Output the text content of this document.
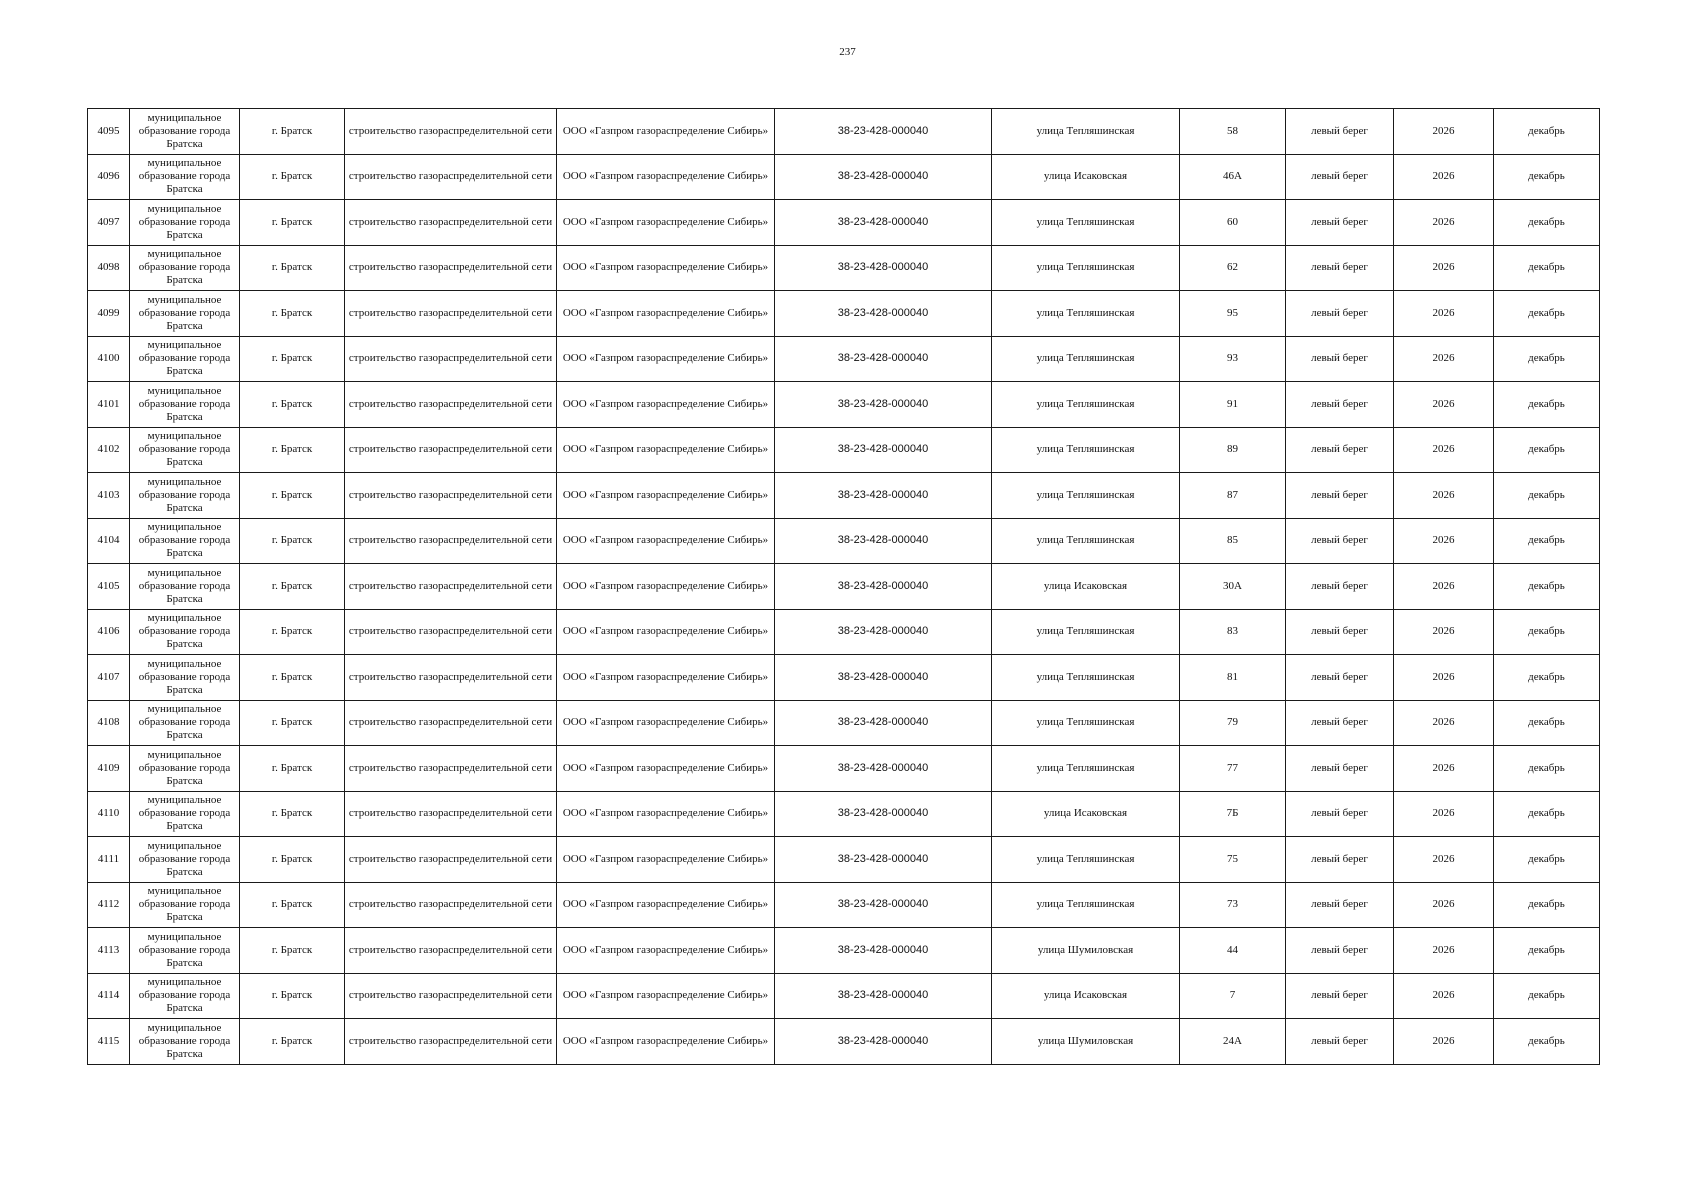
237
4095	муниципальное образование города Братска	г. Братск	строительство газораспределительной сети	ООО «Газпром газораспределение Сибирь»	38-23-428-000040	улица Тепляшинская	58	левый берег	2026	декабрь
4096	муниципальное образование города Братска	г. Братск	строительство газораспределительной сети	ООО «Газпром газораспределение Сибирь»	38-23-428-000040	улица Исаковская	46А	левый берег	2026	декабрь
4097	муниципальное образование города Братска	г. Братск	строительство газораспределительной сети	ООО «Газпром газораспределение Сибирь»	38-23-428-000040	улица Тепляшинская	60	левый берег	2026	декабрь
4098	муниципальное образование города Братска	г. Братск	строительство газораспределительной сети	ООО «Газпром газораспределение Сибирь»	38-23-428-000040	улица Тепляшинская	62	левый берег	2026	декабрь
4099	муниципальное образование города Братска	г. Братск	строительство газораспределительной сети	ООО «Газпром газораспределение Сибирь»	38-23-428-000040	улица Тепляшинская	95	левый берег	2026	декабрь
4100	муниципальное образование города Братска	г. Братск	строительство газораспределительной сети	ООО «Газпром газораспределение Сибирь»	38-23-428-000040	улица Тепляшинская	93	левый берег	2026	декабрь
4101	муниципальное образование города Братска	г. Братск	строительство газораспределительной сети	ООО «Газпром газораспределение Сибирь»	38-23-428-000040	улица Тепляшинская	91	левый берег	2026	декабрь
4102	муниципальное образование города Братска	г. Братск	строительство газораспределительной сети	ООО «Газпром газораспределение Сибирь»	38-23-428-000040	улица Тепляшинская	89	левый берег	2026	декабрь
4103	муниципальное образование города Братска	г. Братск	строительство газораспределительной сети	ООО «Газпром газораспределение Сибирь»	38-23-428-000040	улица Тепляшинская	87	левый берег	2026	декабрь
4104	муниципальное образование города Братска	г. Братск	строительство газораспределительной сети	ООО «Газпром газораспределение Сибирь»	38-23-428-000040	улица Тепляшинская	85	левый берег	2026	декабрь
4105	муниципальное образование города Братска	г. Братск	строительство газораспределительной сети	ООО «Газпром газораспределение Сибирь»	38-23-428-000040	улица Исаковская	30А	левый берег	2026	декабрь
4106	муниципальное образование города Братска	г. Братск	строительство газораспределительной сети	ООО «Газпром газораспределение Сибирь»	38-23-428-000040	улица Тепляшинская	83	левый берег	2026	декабрь
4107	муниципальное образование города Братска	г. Братск	строительство газораспределительной сети	ООО «Газпром газораспределение Сибирь»	38-23-428-000040	улица Тепляшинская	81	левый берег	2026	декабрь
4108	муниципальное образование города Братска	г. Братск	строительство газораспределительной сети	ООО «Газпром газораспределение Сибирь»	38-23-428-000040	улица Тепляшинская	79	левый берег	2026	декабрь
4109	муниципальное образование города Братска	г. Братск	строительство газораспределительной сети	ООО «Газпром газораспределение Сибирь»	38-23-428-000040	улица Тепляшинская	77	левый берег	2026	декабрь
4110	муниципальное образование города Братска	г. Братск	строительство газораспределительной сети	ООО «Газпром газораспределение Сибирь»	38-23-428-000040	улица Исаковская	7Б	левый берег	2026	декабрь
4111	муниципальное образование города Братска	г. Братск	строительство газораспределительной сети	ООО «Газпром газораспределение Сибирь»	38-23-428-000040	улица Тепляшинская	75	левый берег	2026	декабрь
4112	муниципальное образование города Братска	г. Братск	строительство газораспределительной сети	ООО «Газпром газораспределение Сибирь»	38-23-428-000040	улица Тепляшинская	73	левый берег	2026	декабрь
4113	муниципальное образование города Братска	г. Братск	строительство газораспределительной сети	ООО «Газпром газораспределение Сибирь»	38-23-428-000040	улица Шумиловская	44	левый берег	2026	декабрь
4114	муниципальное образование города Братска	г. Братск	строительство газораспределительной сети	ООО «Газпром газораспределение Сибирь»	38-23-428-000040	улица Исаковская	7	левый берег	2026	декабрь
4115	муниципальное образование города Братска	г. Братск	строительство газораспределительной сети	ООО «Газпром газораспределение Сибирь»	38-23-428-000040	улица Шумиловская	24А	левый берег	2026	декабрь
